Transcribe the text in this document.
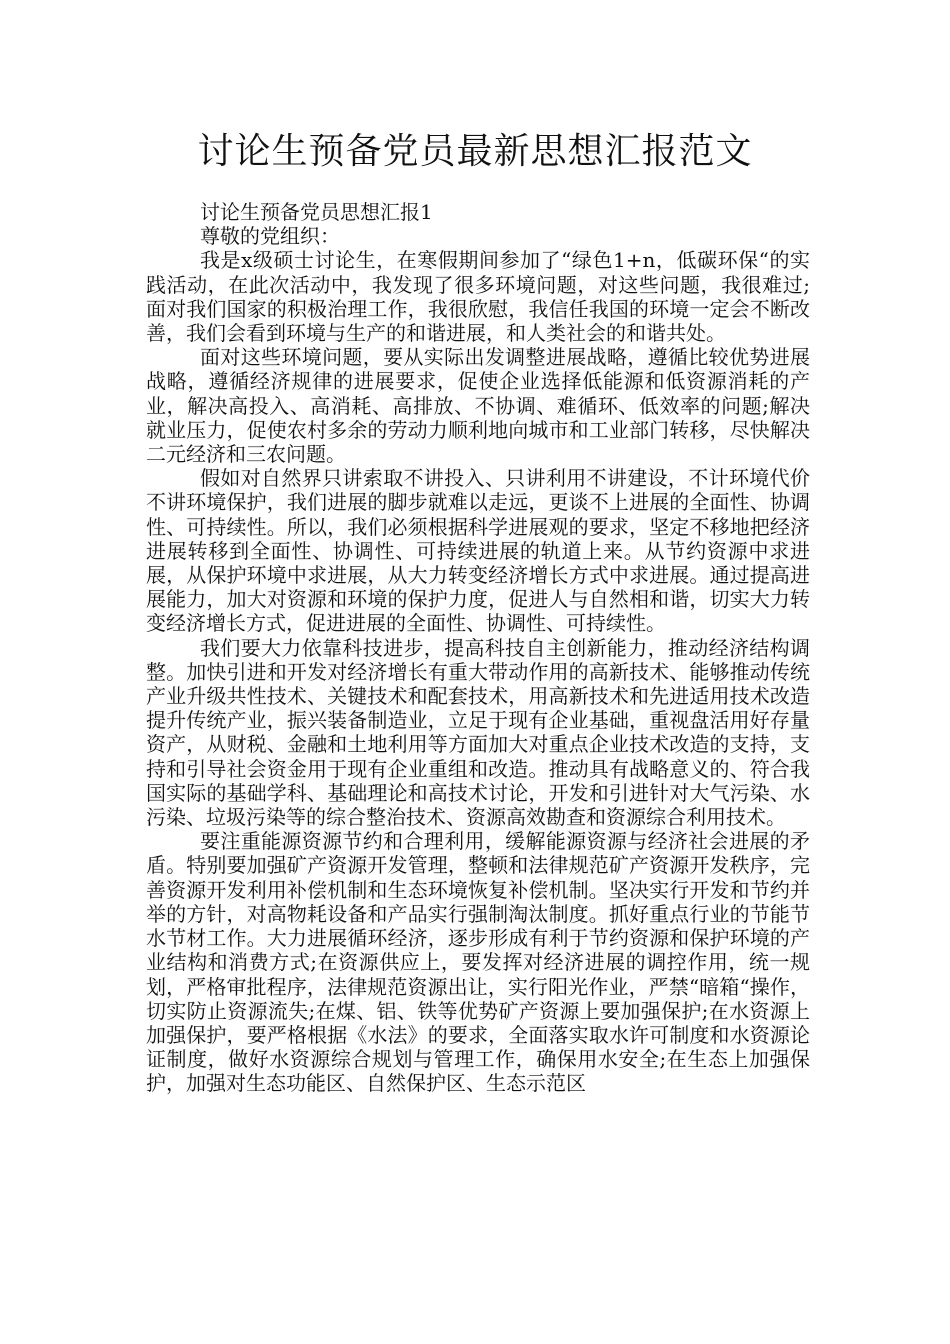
讨论生预备党员最新思想汇报范文

讨论生预备党员思想汇报1

尊敬的党组织：

我是x级硕士讨论生，在寒假期间参加了“绿色1+n，低碳环保“的实践活动，在此次活动中，我发现了很多环境问题，对这些问题，我很难过;面对我们国家的积极治理工作，我很欣慰，我信任我国的环境一定会不断改善，我们会看到环境与生产的和谐进展，和人类社会的和谐共处。

面对这些环境问题，要从实际出发调整进展战略，遵循比较优势进展战略，遵循经济规律的进展要求，促使企业选择低能源和低资源消耗的产业，解决高投入、高消耗、高排放、不协调、难循环、低效率的问题;解决就业压力，促使农村多余的劳动力顺利地向城市和工业部门转移，尽快解决二元经济和三农问题。

假如对自然界只讲索取不讲投入、只讲利用不讲建设，不计环境代价不讲环境保护，我们进展的脚步就难以走远，更谈不上进展的全面性、协调性、可持续性。所以，我们必须根据科学进展观的要求，坚定不移地把经济进展转移到全面性、协调性、可持续进展的轨道上来。从节约资源中求进展，从保护环境中求进展，从大力转变经济增长方式中求进展。通过提高进展能力，加大对资源和环境的保护力度，促进人与自然相和谐，切实大力转变经济增长方式，促进进展的全面性、协调性、可持续性。

我们要大力依靠科技进步，提高科技自主创新能力，推动经济结构调整。加快引进和开发对经济增长有重大带动作用的高新技术、能够推动传统产业升级共性技术、关键技术和配套技术，用高新技术和先进适用技术改造提升传统产业，振兴装备制造业，立足于现有企业基础，重视盘活用好存量资产，从财税、金融和土地利用等方面加大对重点企业技术改造的支持，支持和引导社会资金用于现有企业重组和改造。推动具有战略意义的、符合我国实际的基础学科、基础理论和高技术讨论，开发和引进针对大气污染、水污染、垃圾污染等的综合整治技术、资源高效勘查和资源综合利用技术。

要注重能源资源节约和合理利用，缓解能源资源与经济社会进展的矛盾。特别要加强矿产资源开发管理，整顿和法律规范矿产资源开发秩序，完善资源开发利用补偿机制和生态环境恢复补偿机制。坚决实行开发和节约并举的方针，对高物耗设备和产品实行强制淘汰制度。抓好重点行业的节能节水节材工作。大力进展循环经济，逐步形成有利于节约资源和保护环境的产业结构和消费方式;在资源供应上，要发挥对经济进展的调控作用，统一规划，严格审批程序，法律规范资源出让，实行阳光作业，严禁“暗箱“操作，切实防止资源流失;在煤、铝、铁等优势矿产资源上要加强保护;在水资源上加强保护，要严格根据《水法》的要求，全面落实取水许可制度和水资源论证制度，做好水资源综合规划与管理工作，确保用水安全;在生态上加强保护，加强对生态功能区、自然保护区、生态示范区
